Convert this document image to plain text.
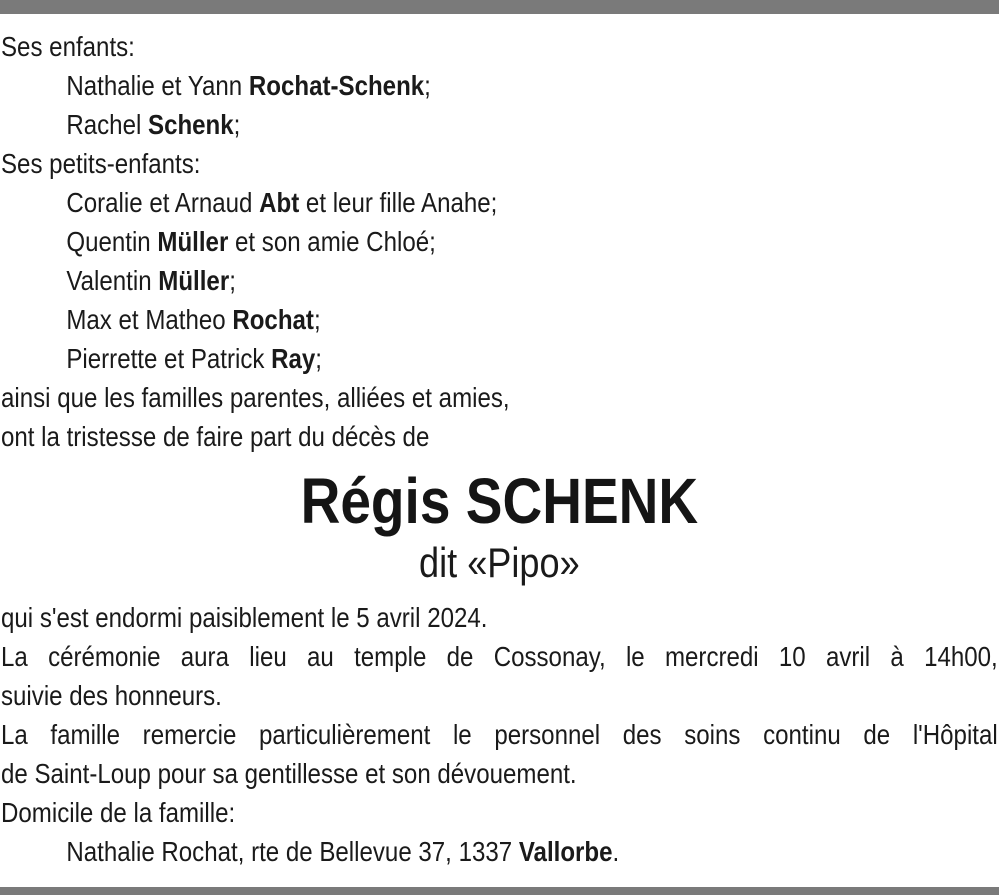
Ses enfants:
Nathalie et Yann Rochat-Schenk;
Rachel Schenk;
Ses petits-enfants:
Coralie et Arnaud Abt et leur fille Anahe;
Quentin Müller et son amie Chloé;
Valentin Müller;
Max et Matheo Rochat;
Pierrette et Patrick Ray;
ainsi que les familles parentes, alliées et amies,
ont la tristesse de faire part du décès de
Régis SCHENK
dit «Pipo»
qui s'est endormi paisiblement le 5 avril 2024.
La cérémonie aura lieu au temple de Cossonay, le mercredi 10 avril à 14h00,
suivie des honneurs.
La famille remercie particulièrement le personnel des soins continu de l'Hôpital
de Saint-Loup pour sa gentillesse et son dévouement.
Domicile de la famille:
Nathalie Rochat, rte de Bellevue 37, 1337 Vallorbe.
